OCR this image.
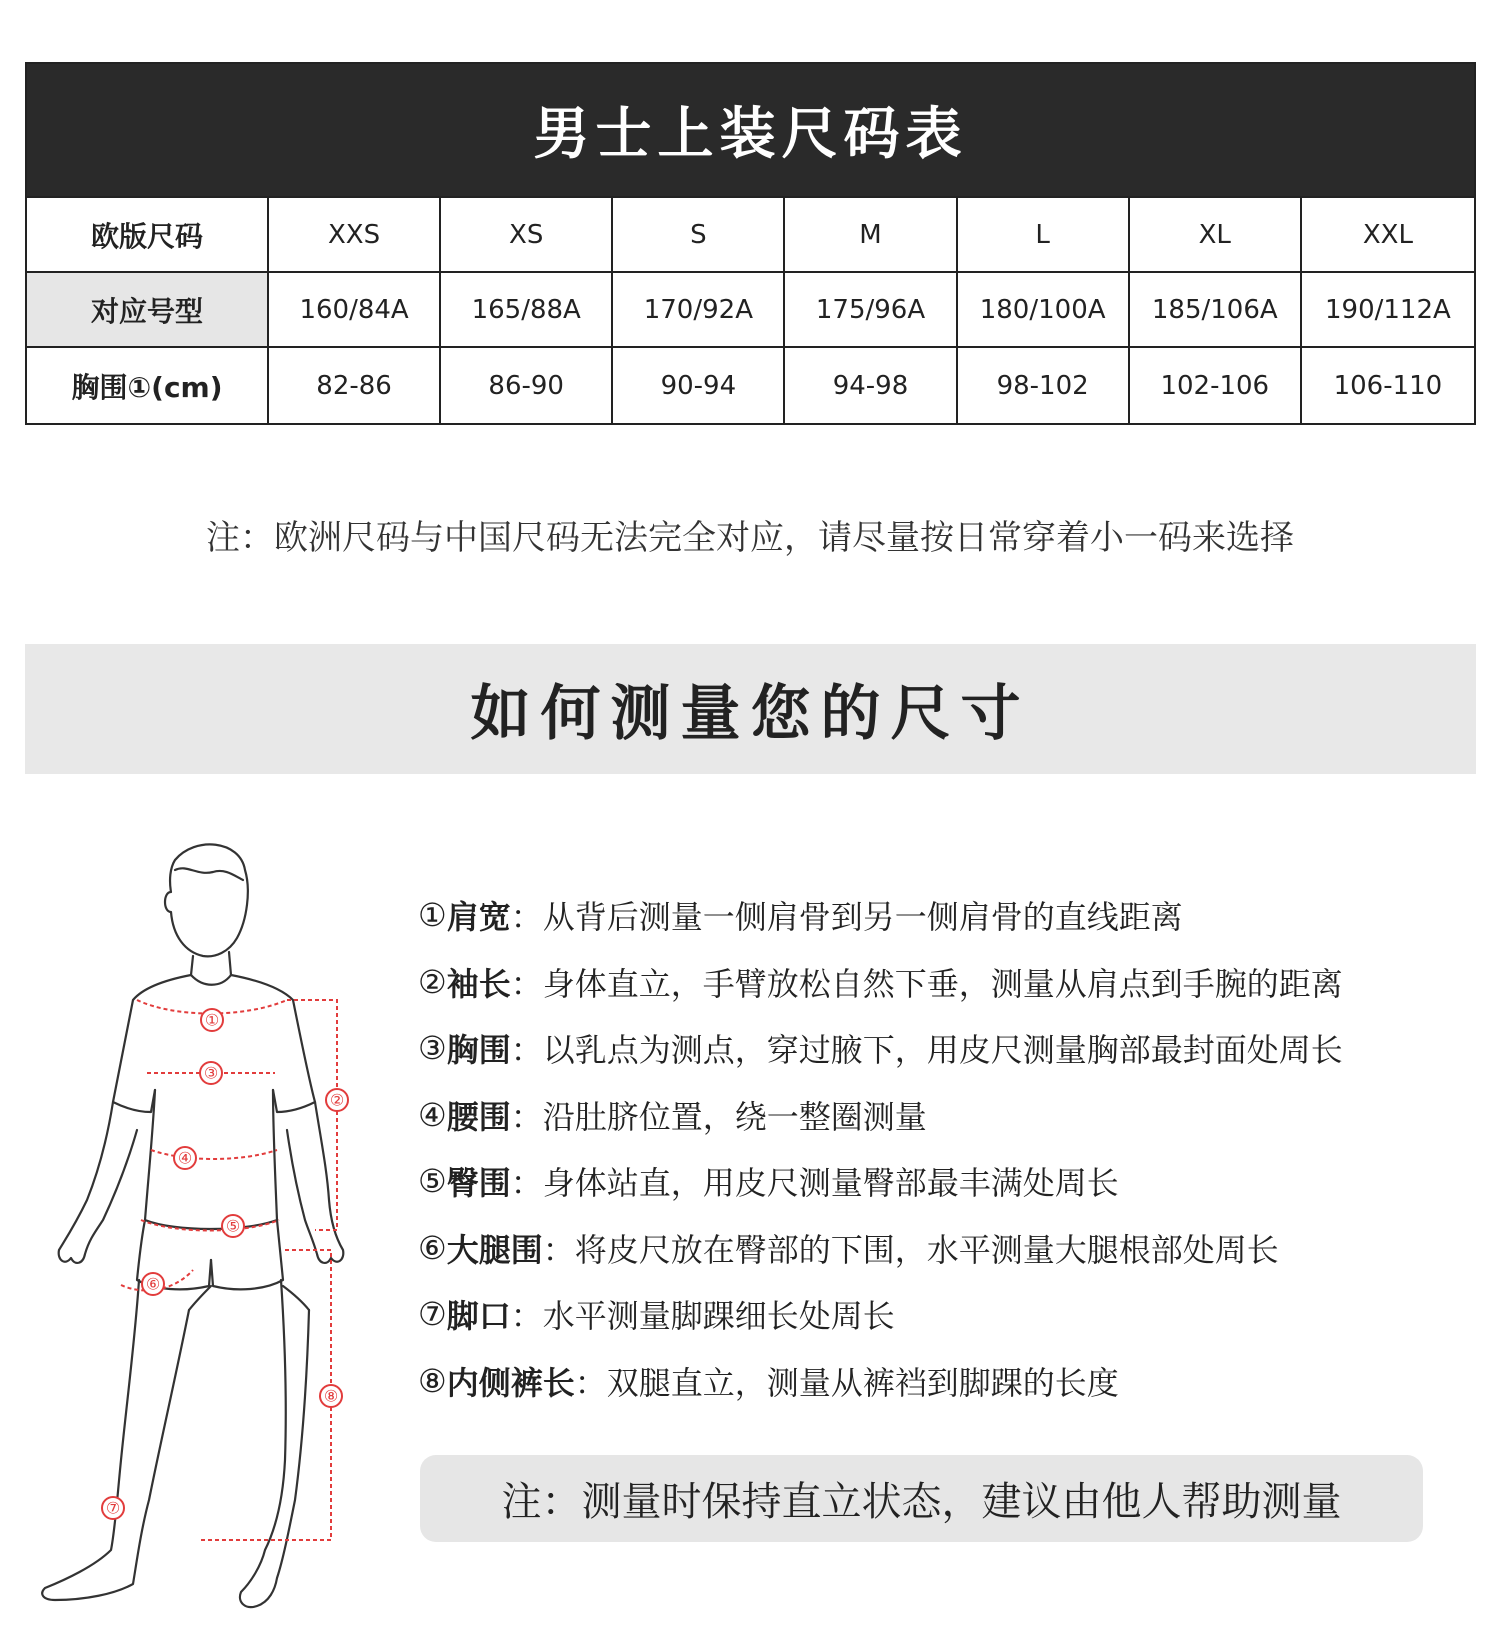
男士上装尺码表
欧版尺码	XXS	XS	S	M	L	XL	XXL
对应号型	160/84A	165/88A	170/92A	175/96A	180/100A	185/106A	190/112A
胸围①(cm)	82-86	86-90	90-94	94-98	98-102	102-106	106-110
注：欧洲尺码与中国尺码无法完全对应，请尽量按日常穿着小一码来选择
如何测量您的尺寸
①
②
③
④
⑤
⑥
⑦
⑧
① 肩宽 ：从背后测量一侧肩骨到另一侧肩骨的直线距离
② 袖长 ：身体直立，手臂放松自然下垂，测量从肩点到手腕的距离
③ 胸围 ：以乳点为测点，穿过腋下，用皮尺测量胸部最封面处周长
④ 腰围 ：沿肚脐位置，绕一整圈测量
⑤ 臀围 ：身体站直，用皮尺测量臀部最丰满处周长
⑥ 大腿围 ：将皮尺放在臀部的下围，水平测量大腿根部处周长
⑦ 脚口 ：水平测量脚踝细长处周长
⑧ 内侧裤长 ：双腿直立，测量从裤裆到脚踝的长度
注：测量时保持直立状态，建议由他人帮助测量
